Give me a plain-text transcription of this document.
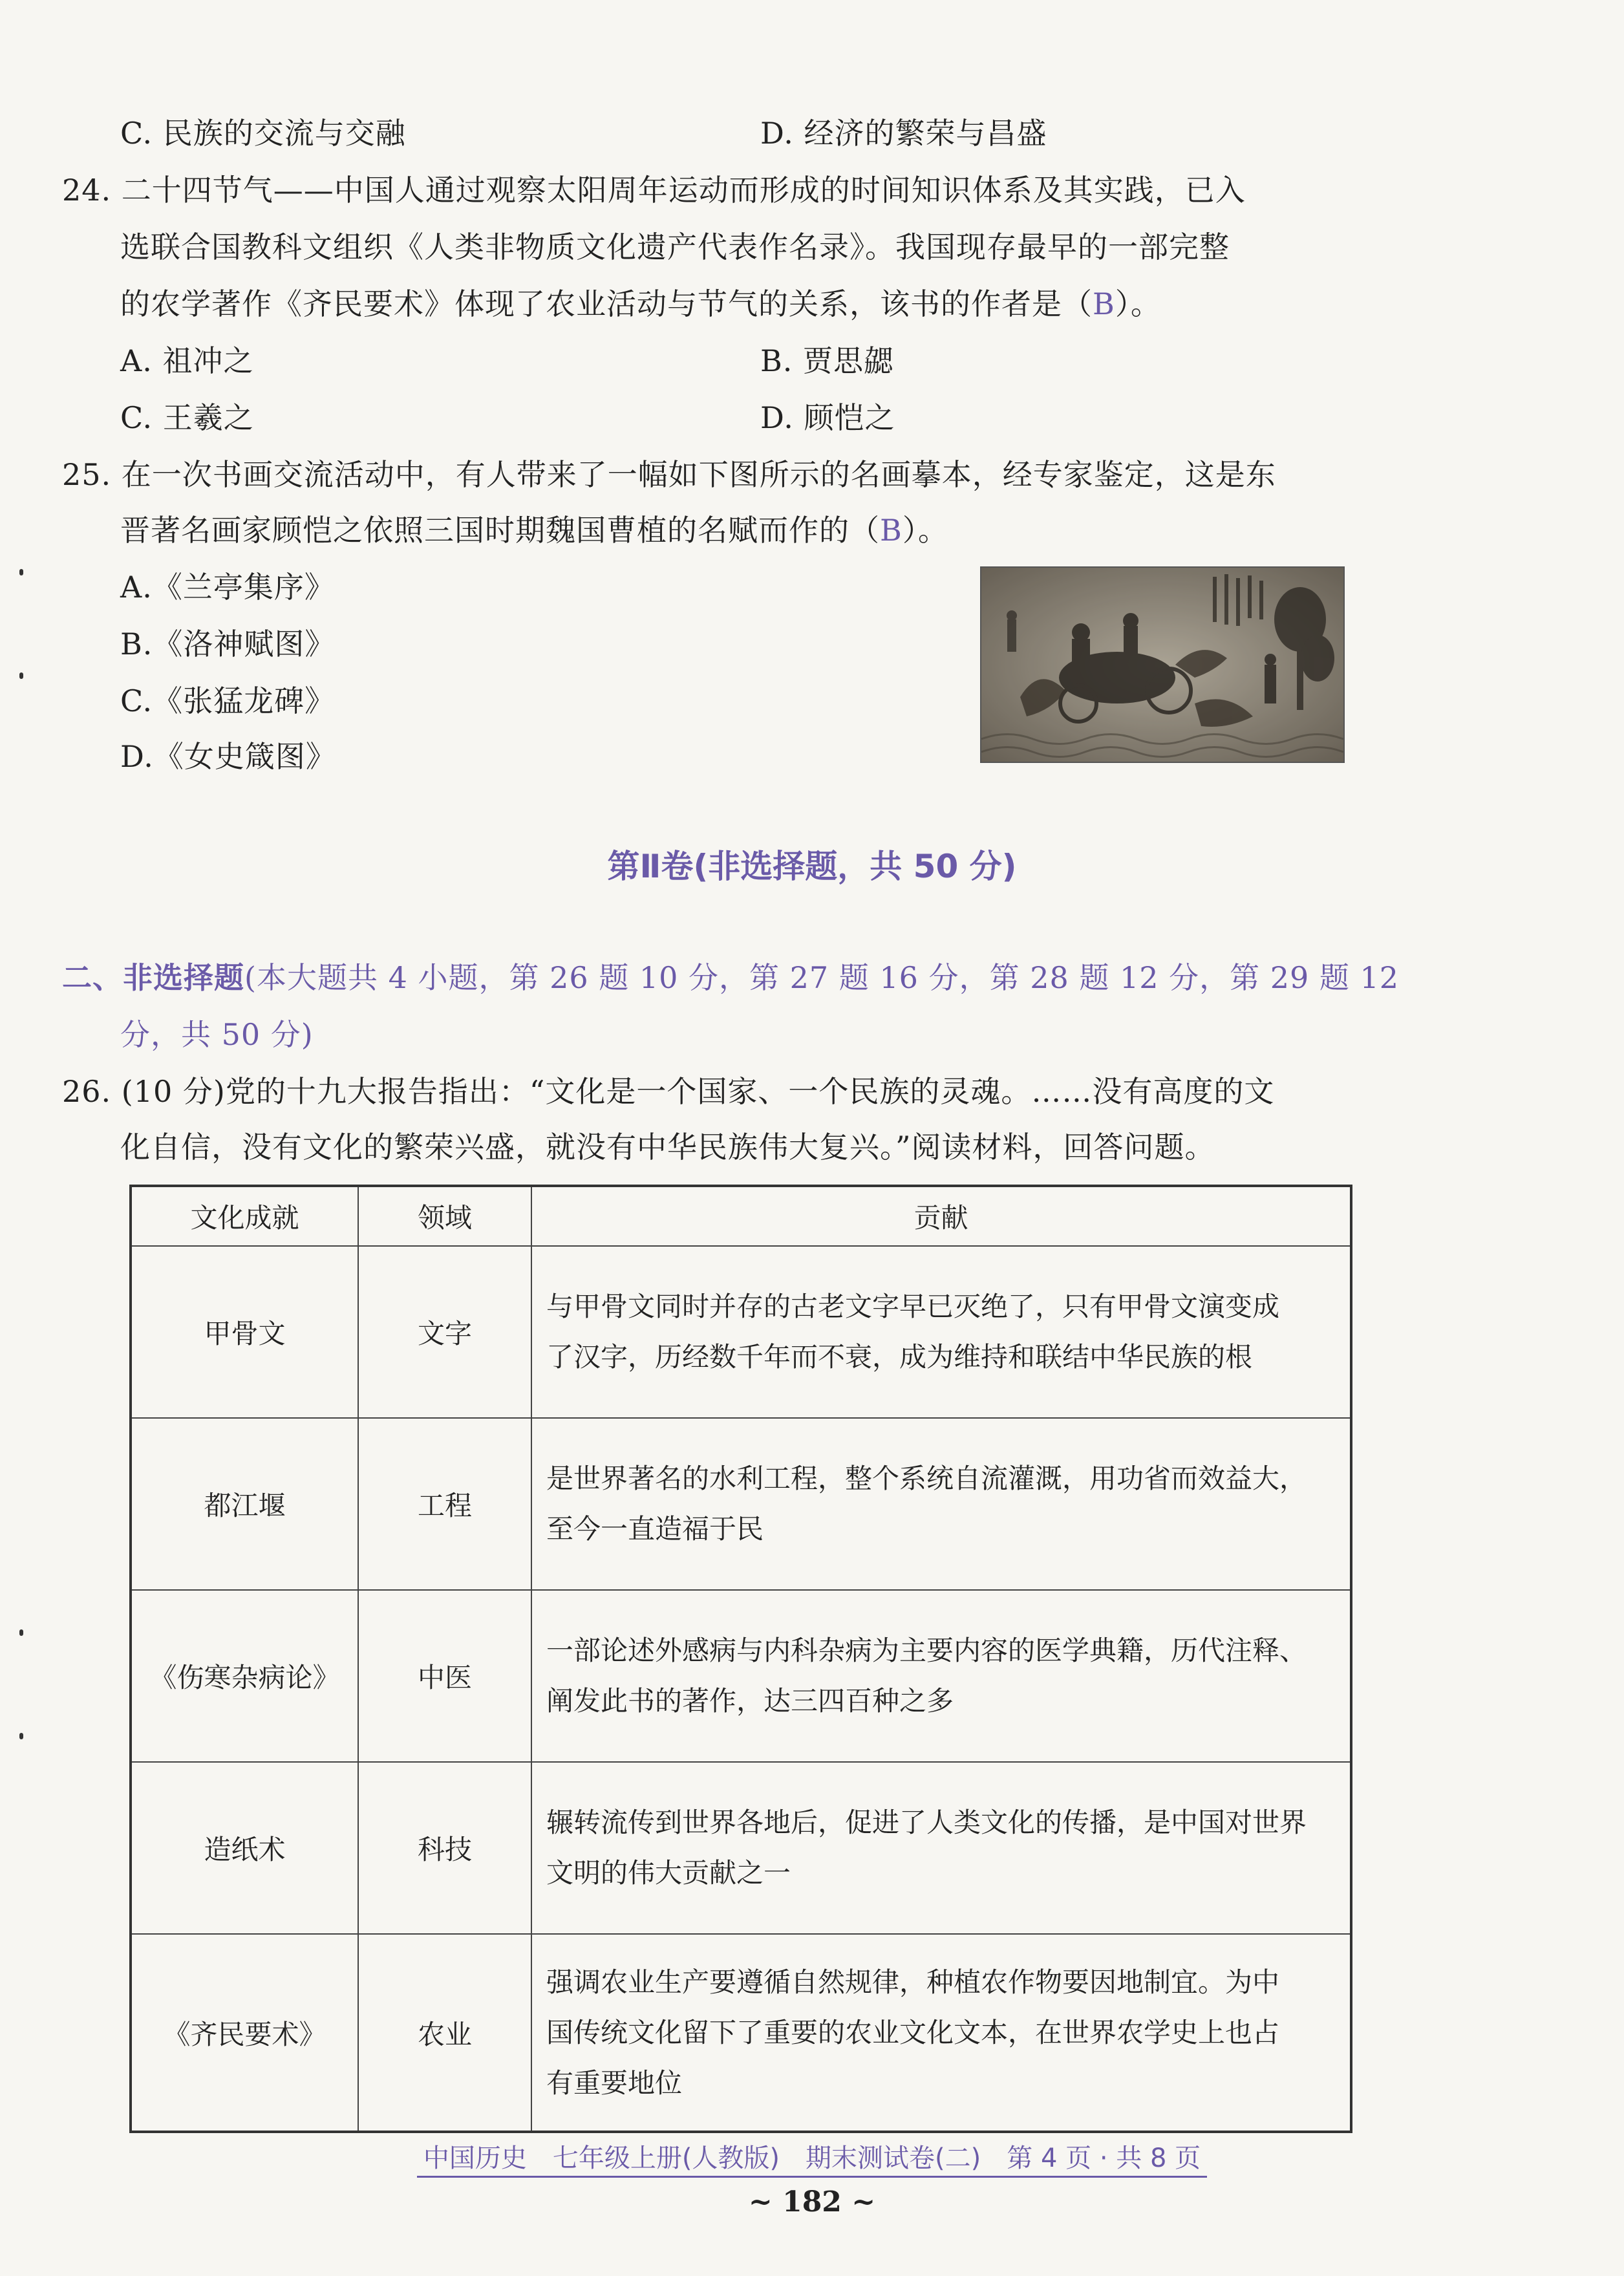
C. 民族的交流与交融	D. 经济的繁荣与昌盛
24. 二十四节气——中国人通过观察太阳周年运动而形成的时间知识体系及其实践，已入
选联合国教科文组织《人类非物质文化遗产代表作名录》。我国现存最早的一部完整
的农学著作《齐民要术》体现了农业活动与节气的关系，该书的作者是（B）。
A. 祖冲之	B. 贾思勰
C. 王羲之	D. 顾恺之
25. 在一次书画交流活动中，有人带来了一幅如下图所示的名画摹本，经专家鉴定，这是东
晋著名画家顾恺之依照三国时期魏国曹植的名赋而作的（B）。
A.《兰亭集序》
B.《洛神赋图》
C.《张猛龙碑》
D.《女史箴图》
第Ⅱ卷(非选择题，共 50 分)
二、非选择题(本大题共 4 小题，第 26 题 10 分，第 27 题 16 分，第 28 题 12 分，第 29 题 12
分，共 50 分)
26. (10 分)党的十九大报告指出：“文化是一个国家、一个民族的灵魂。……没有高度的文
化自信，没有文化的繁荣兴盛，就没有中华民族伟大复兴。”阅读材料，回答问题。
文化成就	领域	贡献
甲骨文	文字	与甲骨文同时并存的古老文字早已灭绝了，只有甲骨文演变成
了汉字，历经数千年而不衰，成为维持和联结中华民族的根

都江堰	工程	是世界著名的水利工程，整个系统自流灌溉，用功省而效益大，
至今一直造福于民

《伤寒杂病论》	中医	一部论述外感病与内科杂病为主要内容的医学典籍，历代注释、
阐发此书的著作，达三四百种之多

造纸术	科技	辗转流传到世界各地后，促进了人类文化的传播，是中国对世界
文明的伟大贡献之一

《齐民要术》	农业	强调农业生产要遵循自然规律，种植农作物要因地制宜。为中
国传统文化留下了重要的农业文化文本，在世界农学史上也占
有重要地位
中国历史　七年级上册(人教版)　期末测试卷(二)　第 4 页 · 共 8 页
~ 182 ~
